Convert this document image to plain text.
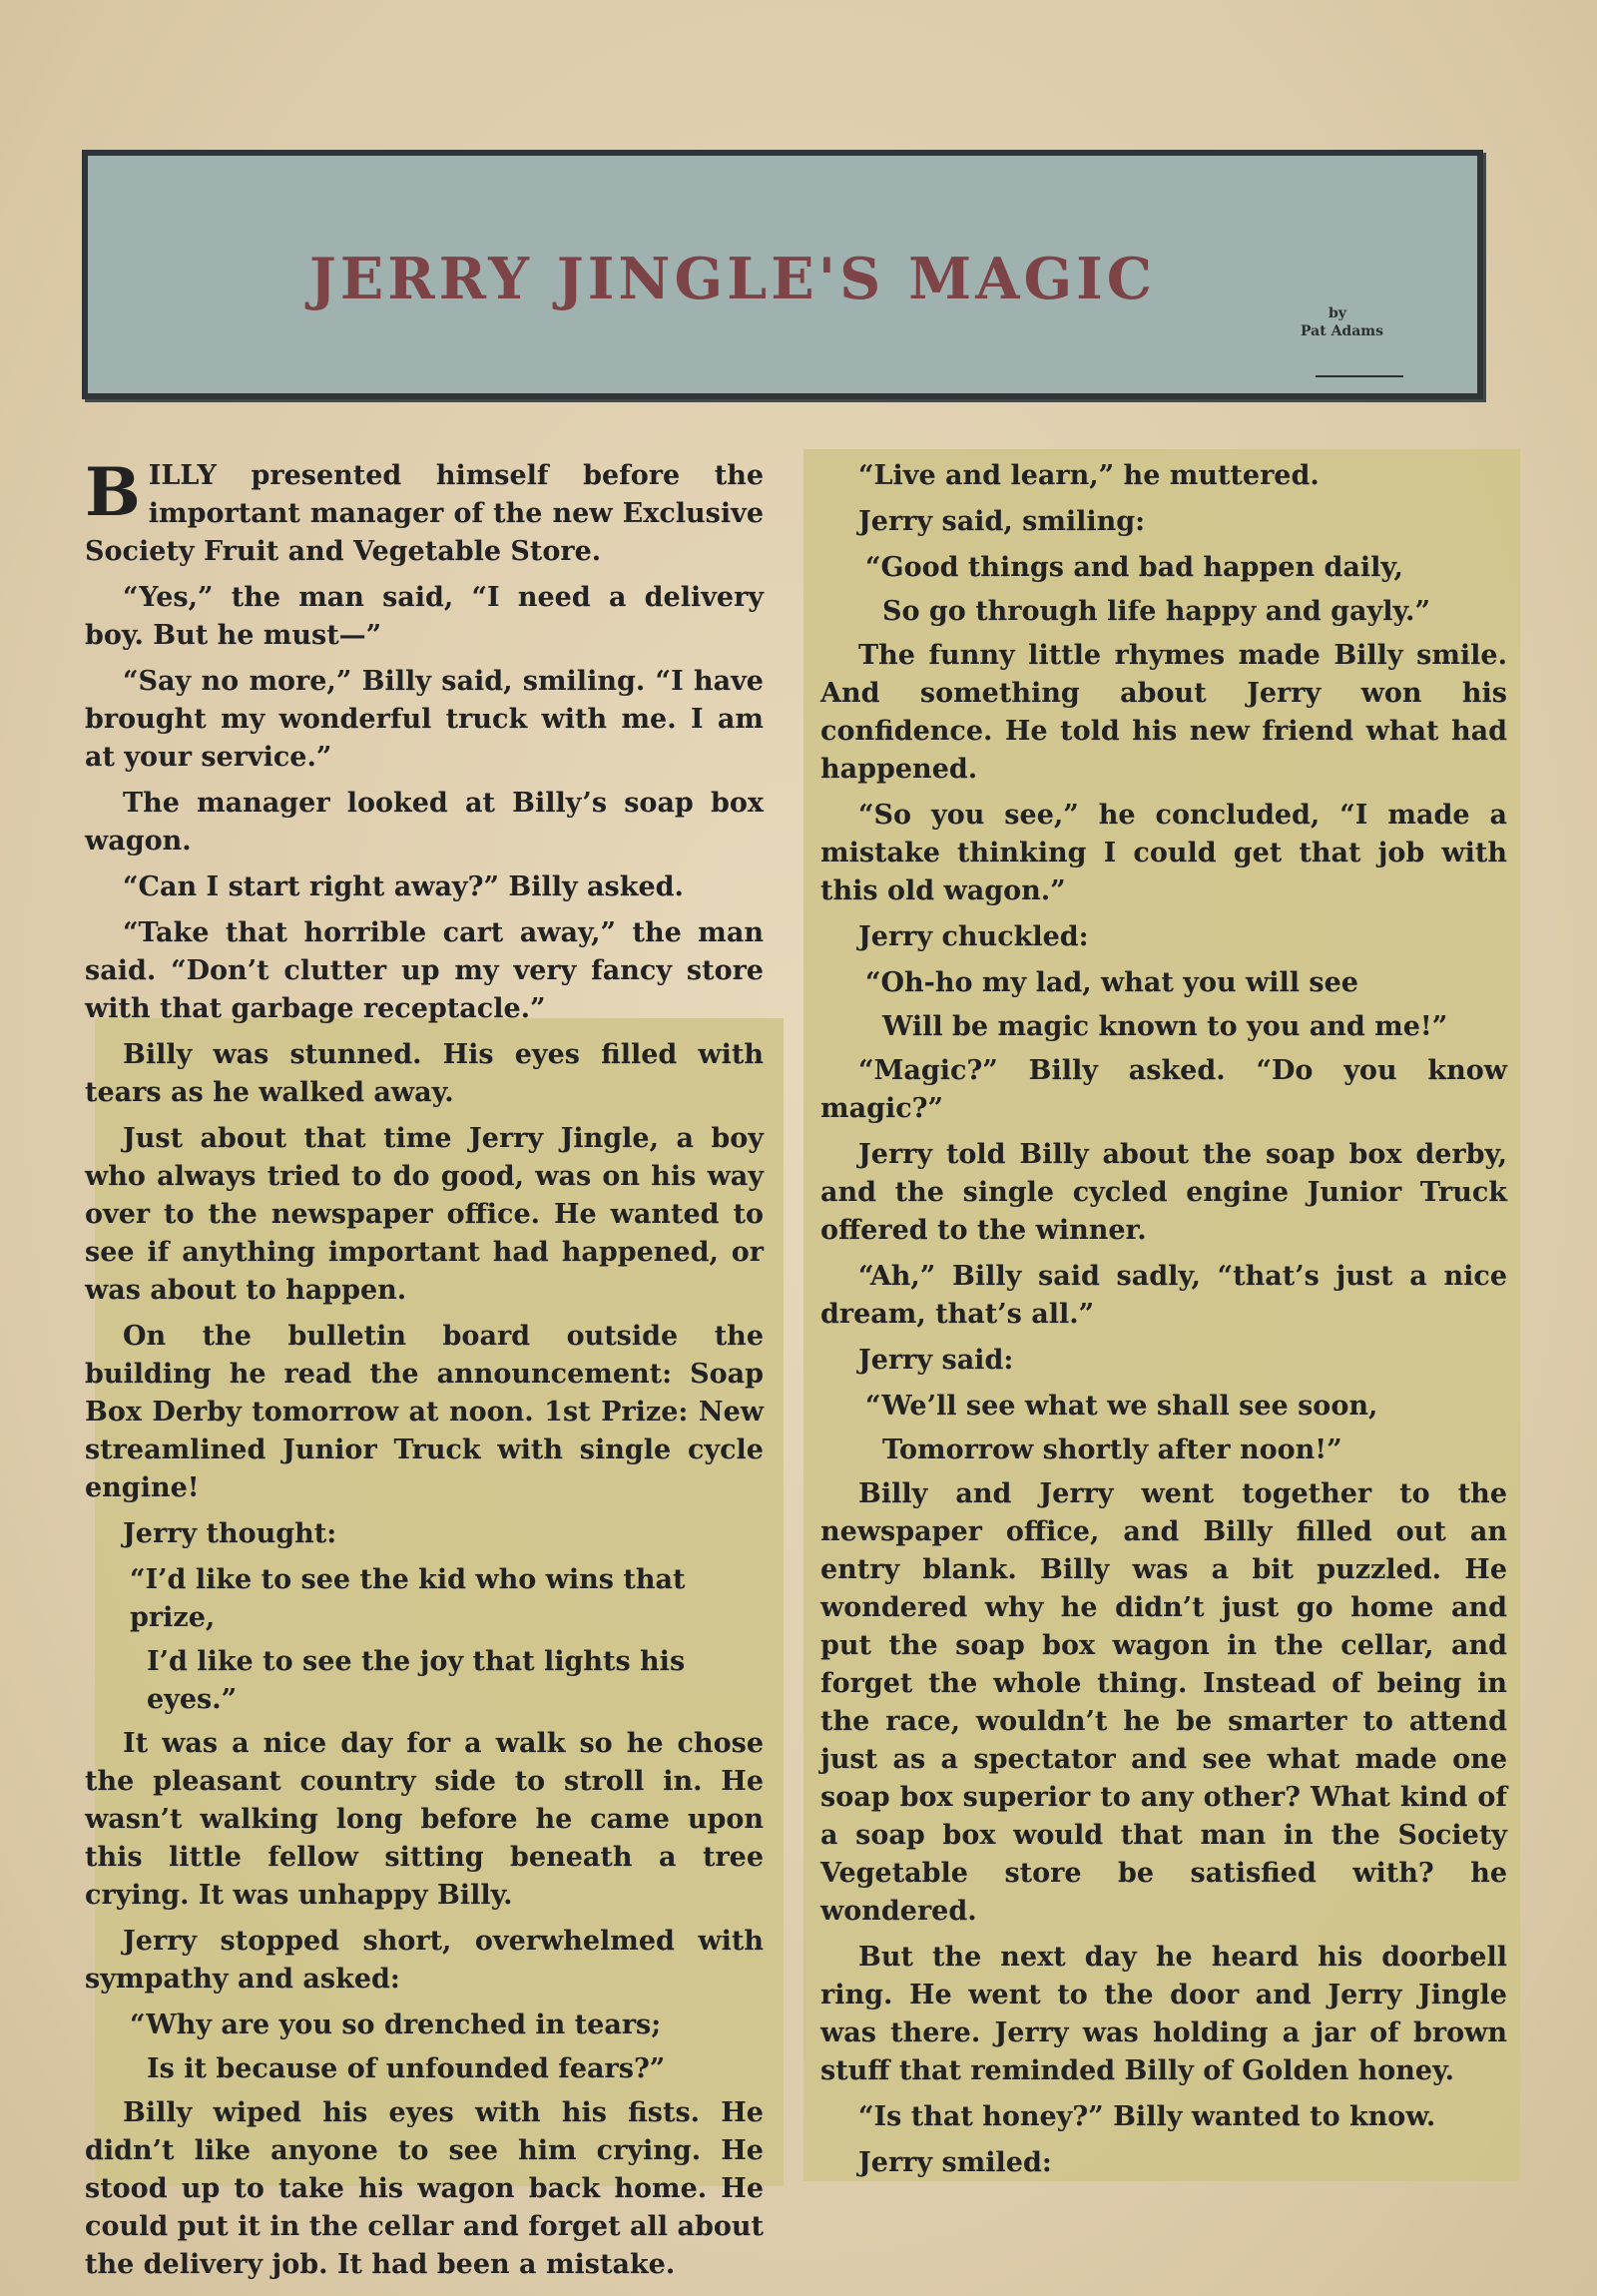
JERRY JINGLE'S MAGIC
by
Pat Adams

BILLY presented himself before the important manager of the new Exclusive Society Fruit and Vegetable Store.

“Yes,” the man said, “I need a delivery boy. But he must—”

“Say no more,” Billy said, smiling. “I have brought my wonderful truck with me. I am at your service.”

The manager looked at Billy’s soap box wagon.

“Can I start right away?” Billy asked.

“Take that horrible cart away,” the man said. “Don’t clutter up my very fancy store with that garbage receptacle.”

Billy was stunned. His eyes filled with tears as he walked away.

Just about that time Jerry Jingle, a boy who always tried to do good, was on his way over to the newspaper office. He wanted to see if anything important had happened, or was about to happen.

On the bulletin board outside the building he read the announcement: Soap Box Derby tomorrow at noon. 1st Prize: New streamlined Junior Truck with single cycle engine!

Jerry thought:

“I’d like to see the kid who wins that prize,

I’d like to see the joy that lights his eyes.”

It was a nice day for a walk so he chose the pleasant country side to stroll in. He wasn’t walking long before he came upon this little fellow sitting beneath a tree crying. It was unhappy Billy.

Jerry stopped short, overwhelmed with sympathy and asked:

“Why are you so drenched in tears;

Is it because of unfounded fears?”

Billy wiped his eyes with his fists. He didn’t like anyone to see him crying. He stood up to take his wagon back home. He could put it in the cellar and forget all about the delivery job. It had been a mistake.

“Live and learn,” he muttered.

Jerry said, smiling:

“Good things and bad happen daily,

So go through life happy and gayly.”

The funny little rhymes made Billy smile. And something about Jerry won his confidence. He told his new friend what had happened.

“So you see,” he concluded, “I made a mistake thinking I could get that job with this old wagon.”

Jerry chuckled:

“Oh-ho my lad, what you will see

Will be magic known to you and me!”

“Magic?” Billy asked. “Do you know magic?”

Jerry told Billy about the soap box derby, and the single cycled engine Junior Truck offered to the winner.

“Ah,” Billy said sadly, “that’s just a nice dream, that’s all.”

Jerry said:

“We’ll see what we shall see soon,

Tomorrow shortly after noon!”

Billy and Jerry went together to the newspaper office, and Billy filled out an entry blank. Billy was a bit puzzled. He wondered why he didn’t just go home and put the soap box wagon in the cellar, and forget the whole thing. Instead of being in the race, wouldn’t he be smarter to attend just as a spectator and see what made one soap box superior to any other? What kind of a soap box would that man in the Society Vegetable store be satisfied with? he wondered.

But the next day he heard his doorbell ring. He went to the door and Jerry Jingle was there. Jerry was holding a jar of brown stuff that reminded Billy of Golden honey.

“Is that honey?” Billy wanted to know.

Jerry smiled:
